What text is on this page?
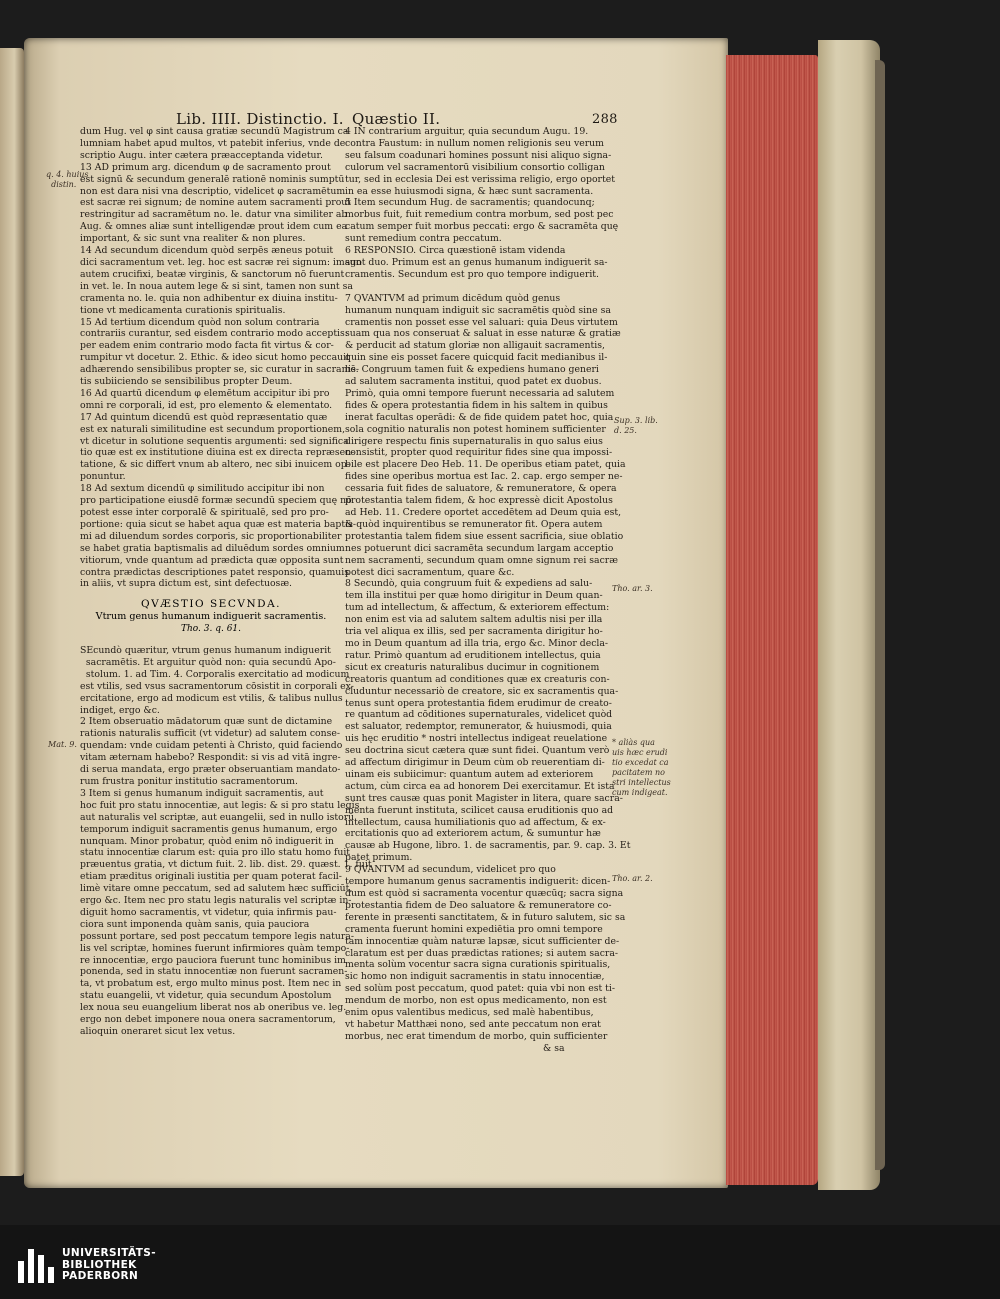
Lib. IIII. Distinctio. I. Quæstio II.	288
dum Hug. vel φ sint causa gratiæ secundū Magistrum ca
lumniam habet apud multos, vt patebit inferius, vnde de
scriptio Augu. inter cætera præacceptanda videtur.
13 AD primum arg. dicendum φ de sacramento prout
est signū & secundum generalē rationē nominis sumptū
non est dara nisi vna descriptio, videlicet φ sacramētum
est sacræ rei signum; de nomine autem sacramenti prout
restringitur ad sacramētum no. le. datur vna similiter ab
Aug. & omnes aliæ sunt intelligendæ prout idem cum ea
important, & sic sunt vna realiter & non plures.
14 Ad secundum dicendum quòd serpēs æneus potuit
dici sacramentum vet. leg. hoc est sacræ rei signum: imago
autem crucifixi, beatæ virginis, & sanctorum nō fuerunt
in vet. le. In noua autem lege & si sint, tamen non sunt sa
cramenta no. le. quia non adhibentur ex diuina institu-
tione vt medicamenta curationis spiritualis.
15 Ad tertium dicendum quòd non solum contraria
contrariis curantur, sed eisdem contrario modo acceptis:
per eadem enim contrario modo facta fit virtus & cor-
rumpitur vt docetur. 2. Ethic. & ideo sicut homo peccauit
adhærendo sensibilibus propter se, sic curatur in sacramē-
tis subiiciendo se sensibilibus propter Deum.
16 Ad quartū dicendum φ elemētum accipitur ibi pro
omni re corporali, id est, pro elemento & elementato.
17 Ad quintum dicendū est quòd repræsentatio quæ
est ex naturali similitudine est secundum proportionem,
vt dicetur in solutione sequentis argumenti: sed significa
tio quæ est ex institutione diuina est ex directa repræsen-
tatione, & sic differt vnum ab altero, nec sibi inuicem op-
ponuntur.
18 Ad sextum dicendū φ similitudo accipitur ibi non
pro participatione eiusdē formæ secundū speciem quę nō
potest esse inter corporalē & spiritualē, sed pro pro-
portione: quia sicut se habet aqua quæ est materia baptis-
mi ad diluendum sordes corporis, sic proportionabiliter
se habet gratia baptismalis ad diluēdum sordes omnium
vitiorum, vnde quantum ad prædicta quæ opposita sunt
contra prædictas descriptiones patet responsio, quamuis
in aliis, vt supra dictum est, sint defectuosæ.
QVÆSTIO SECVNDA.
Vtrum genus humanum indiguerit sacramentis.
Tho. 3. q. 61.
SEcundò quæritur, vtrum genus humanum indiguerit
sacramētis. Et arguitur quòd non: quia secundū Apo-
stolum. 1. ad Tim. 4. Corporalis exercitatio ad modicum
est vtilis, sed vsus sacramentorum cōsistit in corporali ex-
ercitatione, ergo ad modicum est vtilis, & talibus nullus
indiget, ergo &c.
2 Item obseruatio mādatorum quæ sunt de dictamine
rationis naturalis sufficit (vt videtur) ad salutem conse-
quendam: vnde cuidam petenti à Christo, quid faciendo
vitam æternam habebo? Respondit: si vis ad vitā ingre-
di serua mandata, ergo præter obseruantiam mandato-
rum frustra ponitur institutio sacramentorum.
3 Item si genus humanum indiguit sacramentis, aut
hoc fuit pro statu innocentiæ, aut legis: & si pro statu legis
aut naturalis vel scriptæ, aut euangelii, sed in nullo istorū
temporum indiguit sacramentis genus humanum, ergo
nunquam. Minor probatur, quòd enim nō indiguerit in
statu innocentiæ clarum est: quia pro illo statu homo fuit
præuentus gratia, vt dictum fuit. 2. lib. dist. 29. quæst. 1. fuit
etiam præditus originali iustitia per quam poterat facil-
limè vitare omne peccatum, sed ad salutem hæc sufficiūt,
ergo &c. Item nec pro statu legis naturalis vel scriptæ in-
diguit homo sacramentis, vt videtur, quia infirmis pau-
ciora sunt imponenda quàm sanis, quia pauciora
possunt portare, sed post peccatum tempore legis natura-
lis vel scriptæ, homines fuerunt infirmiores quàm tempo-
re innocentiæ, ergo pauciora fuerunt tunc hominibus im
ponenda, sed in statu innocentiæ non fuerunt sacramen-
ta, vt probatum est, ergo multo minus post. Item nec in
statu euangelii, vt videtur, quia secundum Apostolum
lex noua seu euangelium liberat nos ab oneribus ve. leg.
ergo non debet imponere noua onera sacramentorum,
alioquin oneraret sicut lex vetus.
4 IN contrarium arguitur, quia secundum Augu. 19.
contra Faustum: in nullum nomen religionis seu verum
seu falsum coadunari homines possunt nisi aliquo signa-
culorum vel sacramentorū visibilium consortio colligan
tur, sed in ecclesia Dei est verissima religio, ergo oportet
in ea esse huiusmodi signa, & hæc sunt sacramenta.
5 Item secundum Hug. de sacramentis; quandocunq;
morbus fuit, fuit remedium contra morbum, sed post pec
catum semper fuit morbus peccati: ergo & sacramēta quę
sunt remedium contra peccatum.
6 RESPONSIO. Circa quæstionē istam videnda
sunt duo. Primum est an genus humanum indiguerit sa-
cramentis. Secundum est pro quo tempore indiguerit.

7 QVANTVM ad primum dicēdum quòd genus
humanum nunquam indiguit sic sacramētis quòd sine sa
cramentis non posset esse vel saluari: quia Deus virtutem
suam qua nos conseruat & saluat in esse naturæ & gratiæ
& perducit ad statum gloriæ non alligauit sacramentis,
quin sine eis posset facere quicquid facit medianibus il-
lis. Congruum tamen fuit & expediens humano generi
ad salutem sacramenta institui, quod patet ex duobus.
Primò, quia omni tempore fuerunt necessaria ad salutem
fides & opera protestantia fidem in his saltem in quibus
inerat facultas operādi: & de fide quidem patet hoc, quia
sola cognitio naturalis non potest hominem sufficienter
dirigere respectu finis supernaturalis in quo salus eius
consistit, propter quod requiritur fides sine qua impossi-
bile est placere Deo Heb. 11. De operibus etiam patet, quia
fides sine operibus mortua est Iac. 2. cap. ergo semper ne-
cessaria fuit fides de saluatore, & remuneratore, & opera
protestantia talem fidem, & hoc expressè dicit Apostolus
ad Heb. 11. Credere oportet accedētem ad Deum quia est,
& quòd inquirentibus se remunerator fit. Opera autem
protestantia talem fidem siue essent sacrificia, siue oblatio
nes potuerunt dici sacramēta secundum largam acceptio
nem sacramenti, secundum quam omne signum rei sacræ
potest dici sacramentum, quare &c.
8 Secundò, quia congruum fuit & expediens ad salu-
tem illa institui per quæ homo dirigitur in Deum quan-
tum ad intellectum, & affectum, & exteriorem effectum:
non enim est via ad salutem saltem adultis nisi per illa
tria vel aliqua ex illis, sed per sacramenta dirigitur ho-
mo in Deum quantum ad illa tria, ergo &c. Minor decla-
ratur. Primò quantum ad eruditionem intellectus, quia
sicut ex creaturis naturalibus ducimur in cognitionem
creatoris quantum ad conditiones quæ ex creaturis con-
cluduntur necessariò de creatore, sic ex sacramentis qua-
tenus sunt opera protestantia fidem erudimur de creato-
re quantum ad cōditiones supernaturales, videlicet quòd
est saluator, redemptor, remunerator, & huiusmodi, quia
uis hęc eruditio * nostri intellectus indigeat reuelatione
seu doctrina sicut cætera quæ sunt fidei. Quantum verò
ad affectum dirigimur in Deum cùm ob reuerentiam di-
uinam eis subiicimur: quantum autem ad exteriorem
actum, cùm circa ea ad honorem Dei exercitamur. Et ista
sunt tres causæ quas ponit Magister in litera, quare sacra-
menta fuerunt instituta, scilicet causa eruditionis quo ad
intellectum, causa humiliationis quo ad affectum, & ex-
ercitationis quo ad exteriorem actum, & sumuntur hæ
causæ ab Hugone, libro. 1. de sacramentis, par. 9. cap. 3. Et
patet primum.
9 QVANTVM ad secundum, videlicet pro quo
tempore humanum genus sacramentis indiguerit: dicen-
dum est quòd si sacramenta vocentur quæcūq; sacra signa
protestantia fidem de Deo saluatore & remuneratore co-
ferente in præsenti sanctitatem, & in futuro salutem, sic sa
cramenta fuerunt homini expediētia pro omni tempore
tam innocentiæ quàm naturæ lapsæ, sicut sufficienter de-
claratum est per duas prædictas rationes; si autem sacra-
menta solùm vocentur sacra signa curationis spiritualis,
sic homo non indiguit sacramentis in statu innocentiæ,
sed solùm post peccatum, quod patet: quia vbi non est ti-
mendum de morbo, non est opus medicamento, non est
enim opus valentibus medicus, sed malè habentibus,
vt habetur Matthæi nono, sed ante peccatum non erat
morbus, nec erat timendum de morbo, quin sufficienter
& sa
q. 4. huius
distin.
Mat. 9.
Sup. 3. lib.
d. 25.
Tho. ar. 3.
* aliàs qua
uis hæc erudi
tio excedat ca
pacitatem no
stri intellectus
cum indigeat.
Tho. ar. 2.
UNIVERSITÄTS-
BIBLIOTHEK
PADERBORN
